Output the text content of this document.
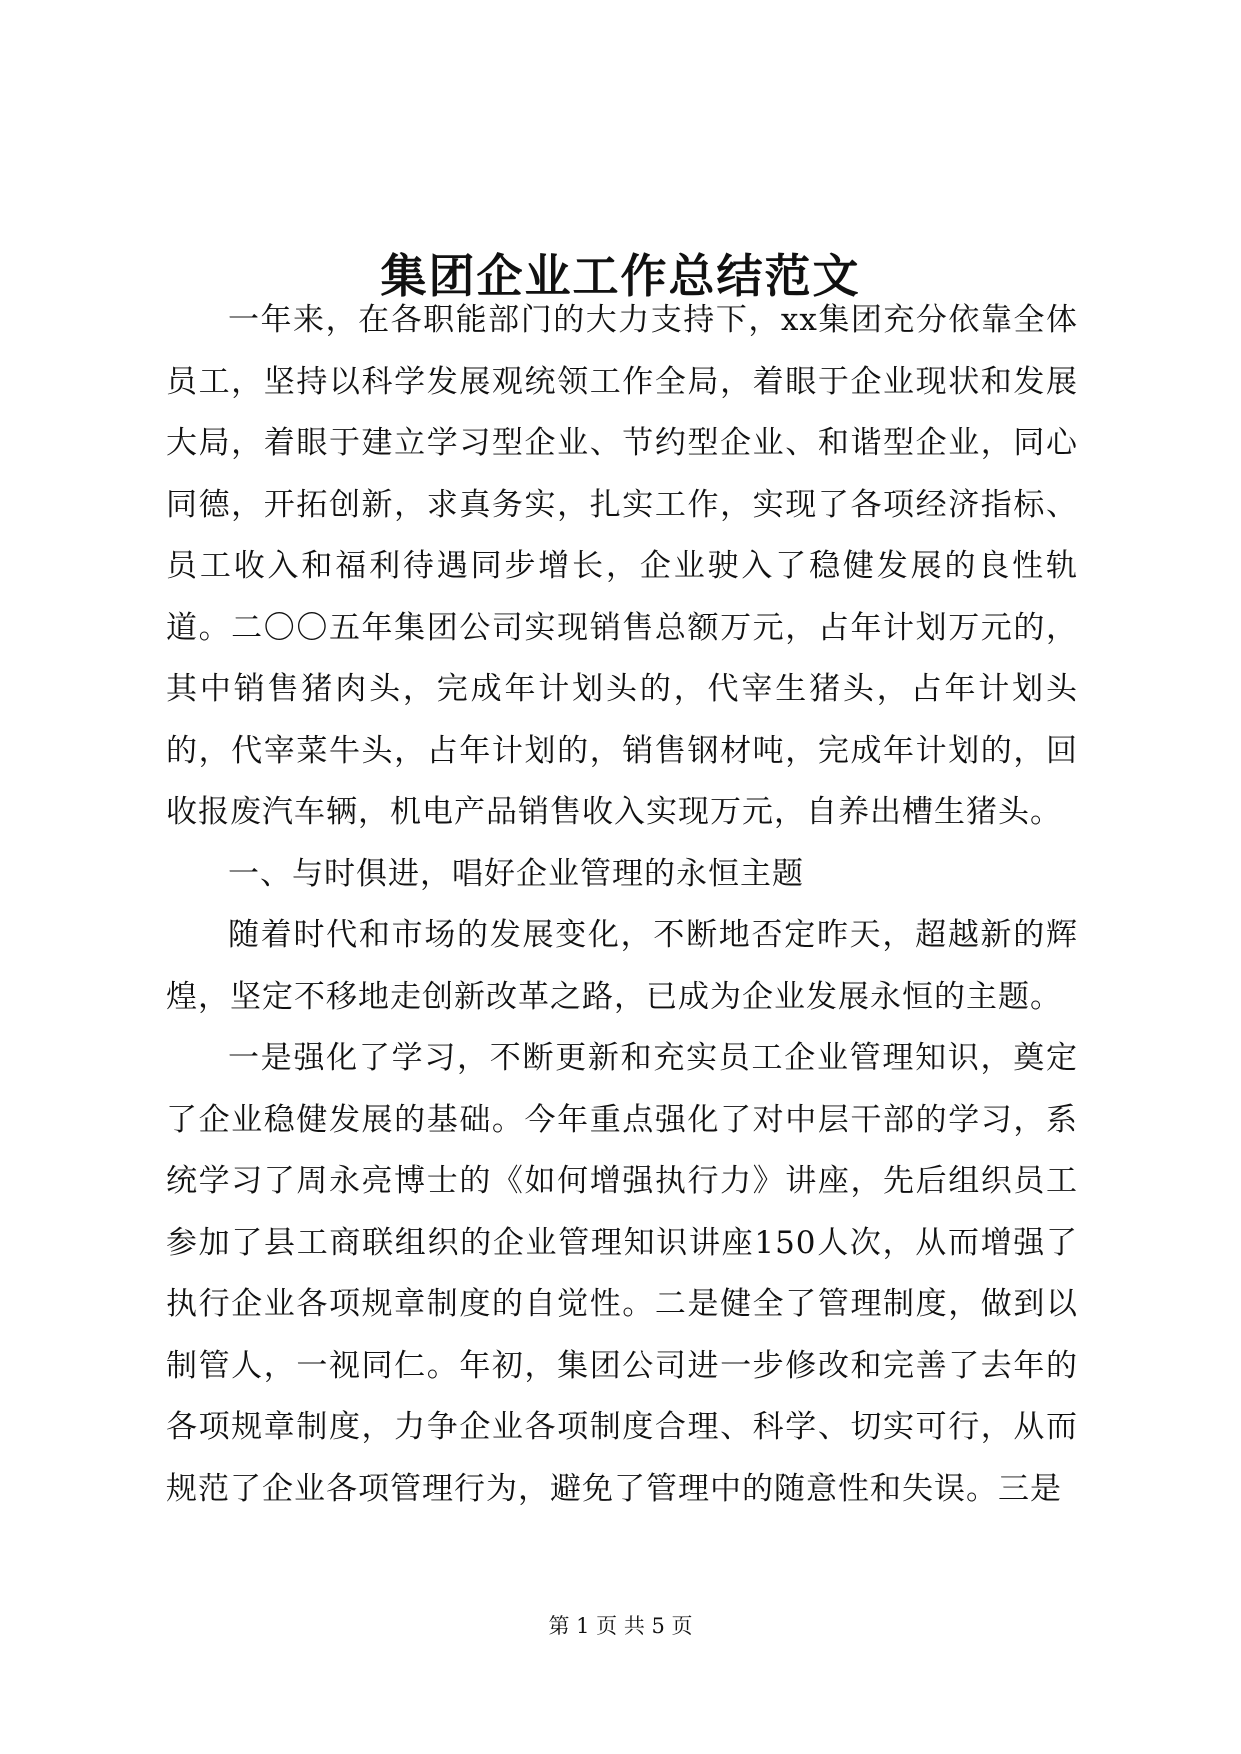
集团企业工作总结范文

一年来，在各职能部门的大力支持下，xx集团充分依靠全体员工，坚持以科学发展观统领工作全局，着眼于企业现状和发展大局，着眼于建立学习型企业、节约型企业、和谐型企业，同心同德，开拓创新，求真务实，扎实工作，实现了各项经济指标、员工收入和福利待遇同步增长，企业驶入了稳健发展的良性轨道。二〇〇五年集团公司实现销售总额万元，占年计划万元的，其中销售猪肉头，完成年计划头的，代宰生猪头，占年计划头的，代宰菜牛头，占年计划的，销售钢材吨，完成年计划的，回收报废汽车辆，机电产品销售收入实现万元，自养出槽生猪头。

一、与时俱进，唱好企业管理的永恒主题

随着时代和市场的发展变化，不断地否定昨天，超越新的辉煌，坚定不移地走创新改革之路，已成为企业发展永恒的主题。

一是强化了学习，不断更新和充实员工企业管理知识，奠定了企业稳健发展的基础。今年重点强化了对中层干部的学习，系统学习了周永亮博士的《如何增强执行力》讲座，先后组织员工参加了县工商联组织的企业管理知识讲座150人次，从而增强了执行企业各项规章制度的自觉性。二是健全了管理制度，做到以制管人，一视同仁。年初，集团公司进一步修改和完善了去年的各项规章制度，力争企业各项制度合理、科学、切实可行，从而规范了企业各项管理行为，避免了管理中的随意性和失误。三是

第 1 页 共 5 页
